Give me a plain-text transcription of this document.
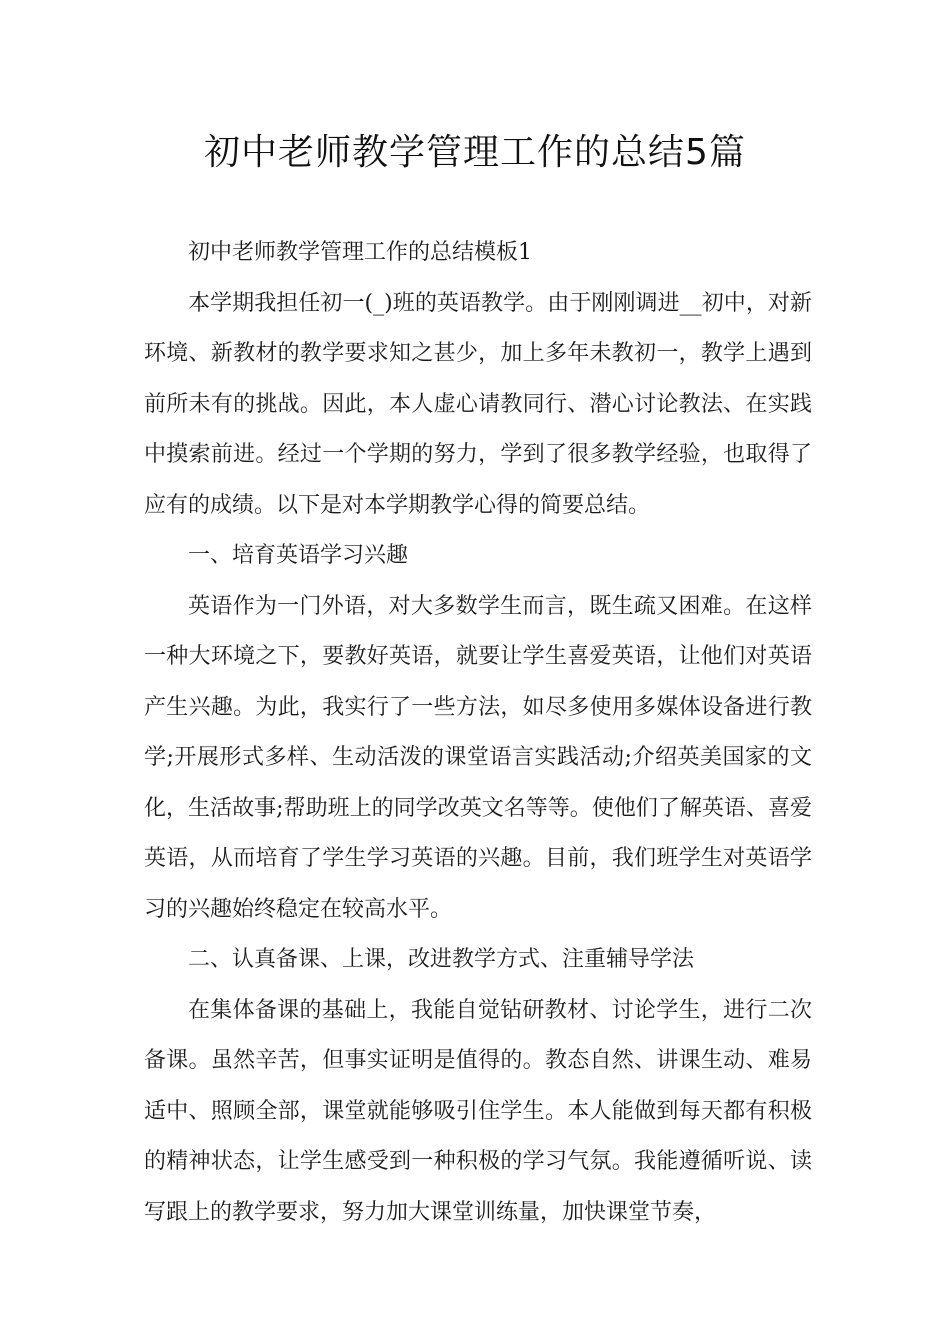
初中老师教学管理工作的总结5篇

初中老师教学管理工作的总结模板1

本学期我担任初一(_)班的英语教学。由于刚刚调进__初中，对新环境、新教材的教学要求知之甚少，加上多年未教初一，教学上遇到前所未有的挑战。因此，本人虚心请教同行、潜心讨论教法、在实践中摸索前进。经过一个学期的努力，学到了很多教学经验，也取得了应有的成绩。以下是对本学期教学心得的简要总结。

一、培育英语学习兴趣

英语作为一门外语，对大多数学生而言，既生疏又困难。在这样一种大环境之下，要教好英语，就要让学生喜爱英语，让他们对英语产生兴趣。为此，我实行了一些方法，如尽多使用多媒体设备进行教学;开展形式多样、生动活泼的课堂语言实践活动;介绍英美国家的文化，生活故事;帮助班上的同学改英文名等等。使他们了解英语、喜爱英语，从而培育了学生学习英语的兴趣。目前，我们班学生对英语学习的兴趣始终稳定在较高水平。

二、认真备课、上课，改进教学方式、注重辅导学法

在集体备课的基础上，我能自觉钻研教材、讨论学生，进行二次备课。虽然辛苦，但事实证明是值得的。教态自然、讲课生动、难易适中、照顾全部，课堂就能够吸引住学生。本人能做到每天都有积极的精神状态，让学生感受到一种积极的学习气氛。我能遵循听说、读写跟上的教学要求，努力加大课堂训练量，加快课堂节奏，
